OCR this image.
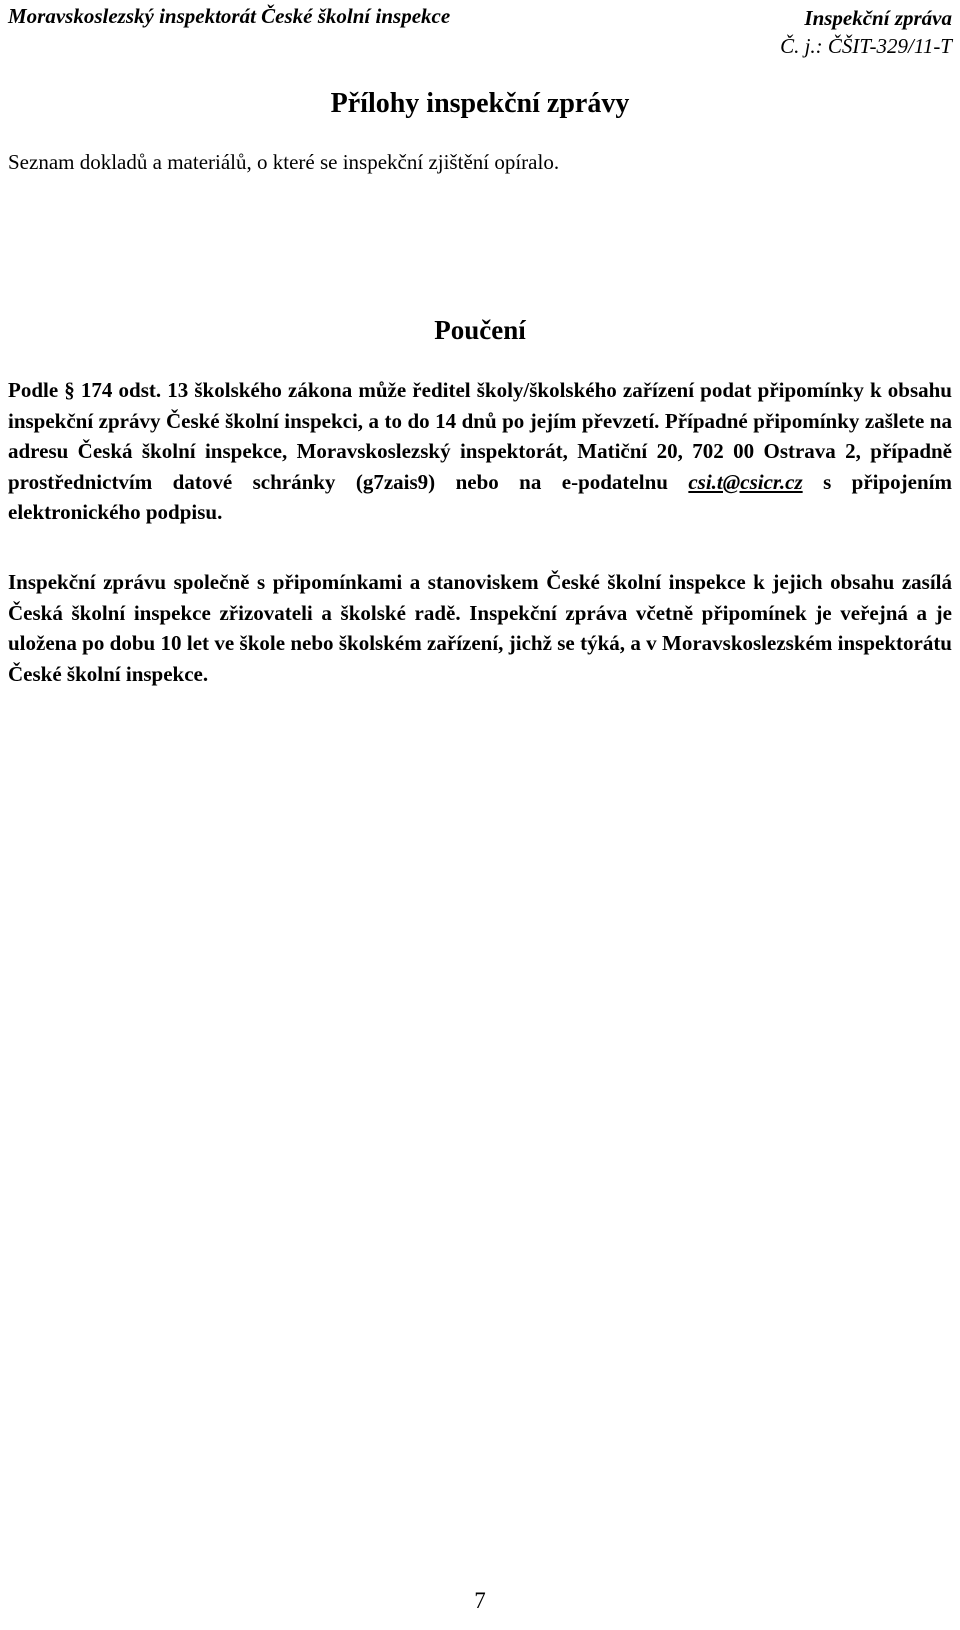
Moravskoslezský inspektorát České školní inspekce	Inspekční zpráva
Č. j.: ČŠIT-329/11-T
Přílohy inspekční zprávy
Seznam dokladů a materiálů, o které se inspekční zjištění opíralo.
Poučení

Podle § 174 odst. 13 školského zákona může ředitel školy/školského zařízení podat připomínky k obsahu inspekční zprávy České školní inspekci, a to do 14 dnů po jejím převzetí. Případné připomínky zašlete na adresu Česká školní inspekce, Moravskoslezský inspektorát, Matiční 20, 702 00 Ostrava 2, případně prostřednictvím datové schránky (g7zais9) nebo na e-podatelnu csi.t@csicr.cz s připojením elektronického podpisu.

Inspekční zprávu společně s připomínkami a stanoviskem České školní inspekce k jejich obsahu zasílá Česká školní inspekce zřizovateli a školské radě. Inspekční zpráva včetně připomínek je veřejná a je uložena po dobu 10 let ve škole nebo školském zařízení, jichž se týká, a v Moravskoslezském inspektorátu České školní inspekce.

7
